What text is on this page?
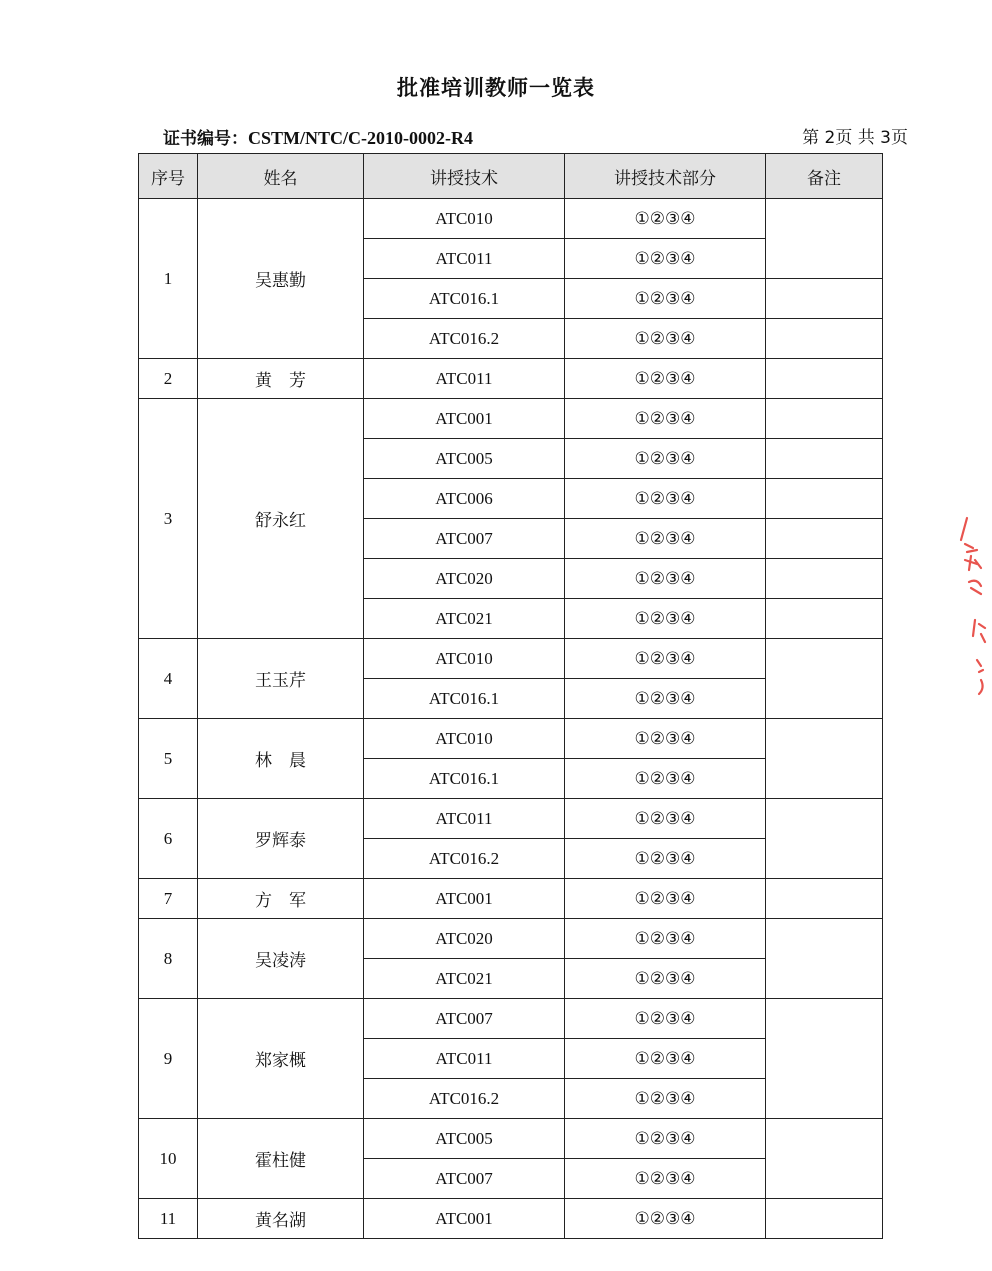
批准培训教师一览表
证书编号：CSTM/NTC/C-2010-0002-R4	第 2页 共 3页
序号	姓名	讲授技术	讲授技术部分	备注
1	吴惠勤	ATC010	①②③④	
		ATC011	①②③④	
		ATC016.1	①②③④	
		ATC016.2	①②③④	
2	黄　芳	ATC011	①②③④	
3	舒永红	ATC001	①②③④	
		ATC005	①②③④	
		ATC006	①②③④	
		ATC007	①②③④	
		ATC020	①②③④	
		ATC021	①②③④	
4	王玉芹	ATC010	①②③④	
		ATC016.1	①②③④	
5	林　晨	ATC010	①②③④	
		ATC016.1	①②③④	
6	罗辉泰	ATC011	①②③④	
		ATC016.2	①②③④	
7	方　军	ATC001	①②③④	
8	吴凌涛	ATC020	①②③④	
		ATC021	①②③④	
9	郑家概	ATC007	①②③④	
		ATC011	①②③④	
		ATC016.2	①②③④	
10	霍柱健	ATC005	①②③④	
		ATC007	①②③④	
11	黄名湖	ATC001	①②③④	
